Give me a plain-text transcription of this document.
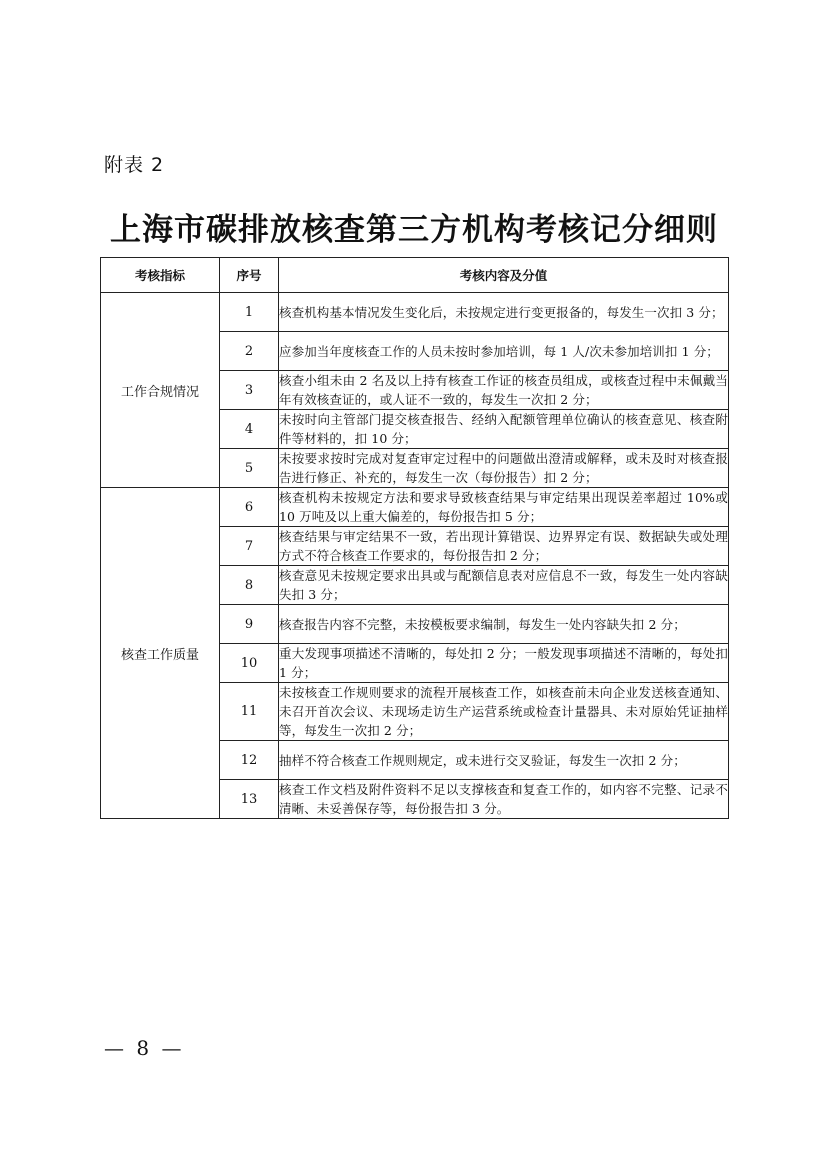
附表 2
上海市碳排放核查第三方机构考核记分细则
考核指标	序号	考核内容及分值
工作合规情况	1	核查机构基本情况发生变化后，未按规定进行变更报备的，每发生一次扣 3 分；
	2	应参加当年度核查工作的人员未按时参加培训，每 1 人/次未参加培训扣 1 分；
	3	核查小组未由 2 名及以上持有核查工作证的核查员组成，或核查过程中未佩戴当年有效核查证的，或人证不一致的，每发生一次扣 2 分；
	4	未按时向主管部门提交核查报告、经纳入配额管理单位确认的核查意见、核查附件等材料的，扣 10 分；
	5	未按要求按时完成对复查审定过程中的问题做出澄清或解释，或未及时对核查报告进行修正、补充的，每发生一次（每份报告）扣 2 分；
核查工作质量	6	核查机构未按规定方法和要求导致核查结果与审定结果出现误差率超过 10%或 10 万吨及以上重大偏差的，每份报告扣 5 分；
	7	核查结果与审定结果不一致，若出现计算错误、边界界定有误、数据缺失或处理方式不符合核查工作要求的，每份报告扣 2 分；
	8	核查意见未按规定要求出具或与配额信息表对应信息不一致，每发生一处内容缺失扣 3 分；
	9	核查报告内容不完整，未按模板要求编制，每发生一处内容缺失扣 2 分；
	10	重大发现事项描述不清晰的，每处扣 2 分；一般发现事项描述不清晰的，每处扣 1 分；
	11	未按核查工作规则要求的流程开展核查工作，如核查前未向企业发送核查通知、未召开首次会议、未现场走访生产运营系统或检查计量器具、未对原始凭证抽样等，每发生一次扣 2 分；
	12	抽样不符合核查工作规则规定，或未进行交叉验证，每发生一次扣 2 分；
	13	核查工作文档及附件资料不足以支撑核查和复查工作的，如内容不完整、记录不清晰、未妥善保存等，每份报告扣 3 分。
— 8 —
